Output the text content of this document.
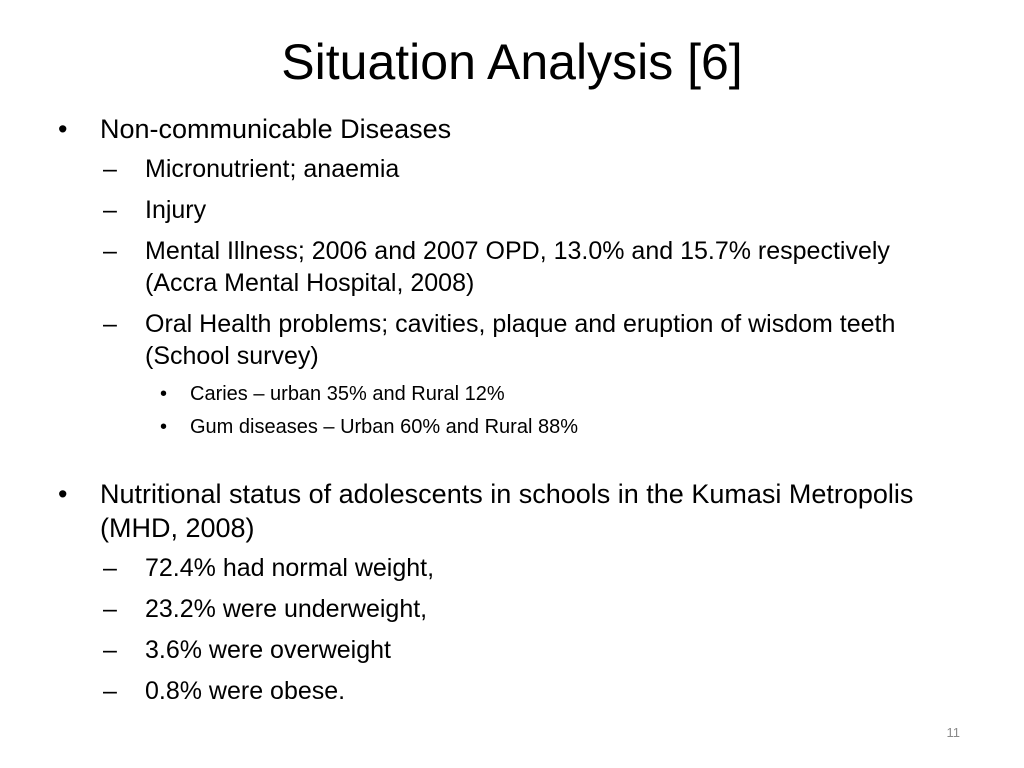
Situation Analysis [6]
• Non-communicable Diseases
– Micronutrient; anaemia
– Injury
– Mental Illness; 2006 and 2007 OPD, 13.0% and 15.7% respectively (Accra Mental Hospital, 2008)
– Oral Health problems; cavities, plaque and eruption of wisdom teeth (School survey)
• Caries – urban 35% and Rural 12%
• Gum diseases – Urban 60% and Rural 88%
• Nutritional status of adolescents in schools in the Kumasi Metropolis (MHD, 2008)
– 72.4% had normal weight,
– 23.2% were underweight,
– 3.6% were overweight
– 0.8% were obese.
11
